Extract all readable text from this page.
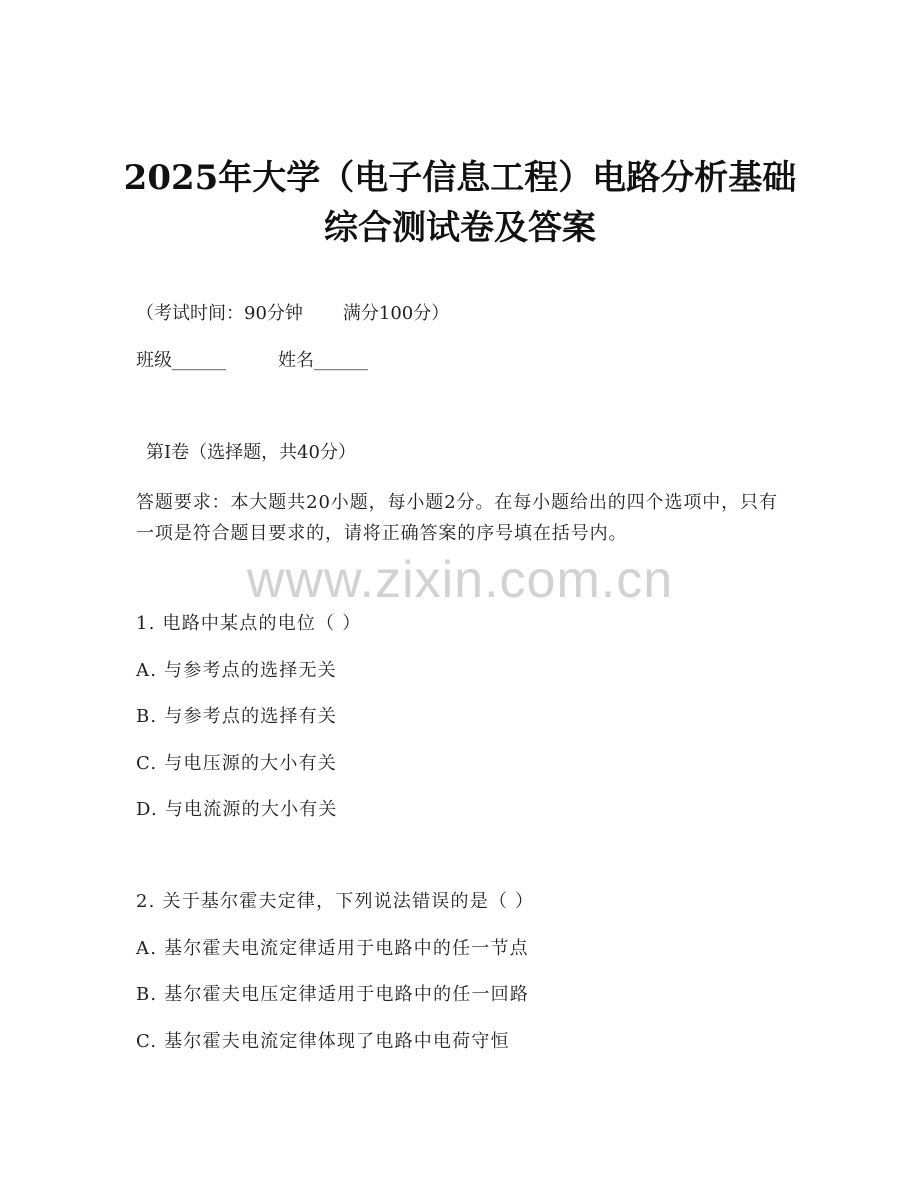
2025年大学（电子信息工程）电路分析基础
综合测试卷及答案
（考试时间：90分钟 满分100分）
班级______	姓名______
第Ⅰ卷（选择题，共40分）
答题要求：本大题共20小题，每小题2分。在每小题给出的四个选项中，只有一项是符合题目要求的，请将正确答案的序号填在括号内。
www.zixin.com.cn
1. 电路中某点的电位（ ）
A. 与参考点的选择无关
B. 与参考点的选择有关
C. 与电压源的大小有关
D. 与电流源的大小有关
2. 关于基尔霍夫定律，下列说法错误的是（ ）
A. 基尔霍夫电流定律适用于电路中的任一节点
B. 基尔霍夫电压定律适用于电路中的任一回路
C. 基尔霍夫电流定律体现了电路中电荷守恒
